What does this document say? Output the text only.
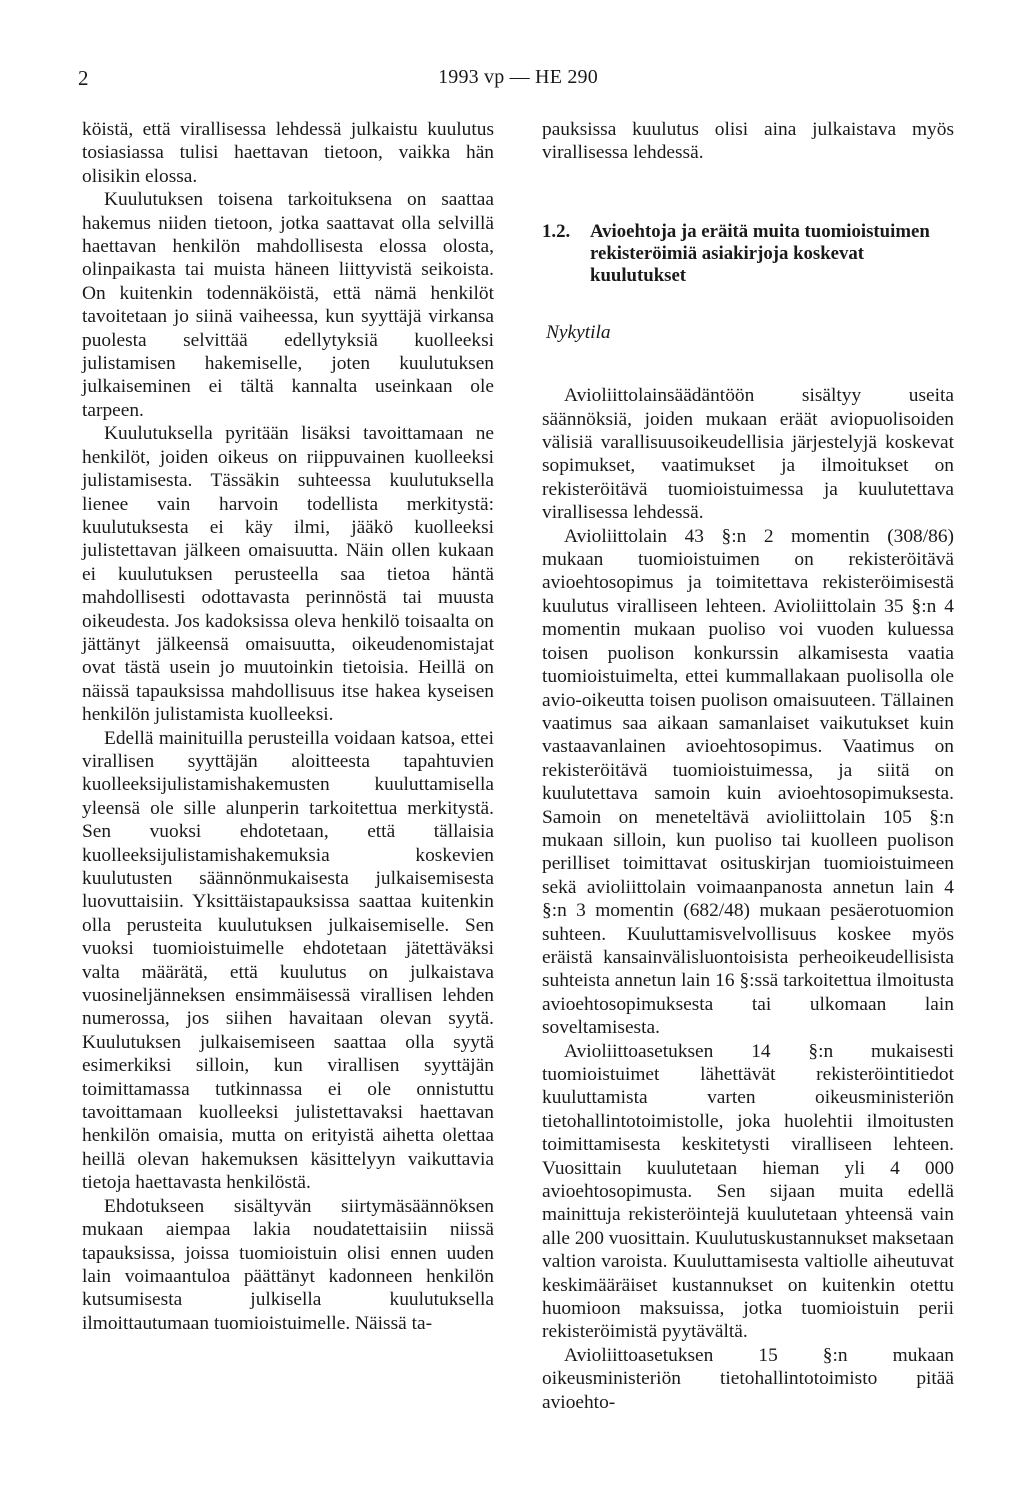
2	1993 vp — HE 290

köistä, että virallisessa lehdessä julkaistu kuulutus tosiasiassa tulisi haettavan tietoon, vaikka hän olisikin elossa.

Kuulutuksen toisena tarkoituksena on saattaa hakemus niiden tietoon, jotka saattavat olla selvillä haettavan henkilön mahdollisesta elossa olosta, olinpaikasta tai muista häneen liittyvistä seikoista. On kuitenkin todennäköistä, että nämä henkilöt tavoitetaan jo siinä vaiheessa, kun syyttäjä virkansa puolesta selvittää edellytyksiä kuolleeksi julistamisen hakemiselle, joten kuulutuksen julkaiseminen ei tältä kannalta useinkaan ole tarpeen.

Kuulutuksella pyritään lisäksi tavoittamaan ne henkilöt, joiden oikeus on riippuvainen kuolleeksi julistamisesta. Tässäkin suhteessa kuulutuksella lienee vain harvoin todellista merkitystä: kuulutuksesta ei käy ilmi, jääkö kuolleeksi julistettavan jälkeen omaisuutta. Näin ollen kukaan ei kuulutuksen perusteella saa tietoa häntä mahdollisesti odottavasta perinnöstä tai muusta oikeudesta. Jos kadoksissa oleva henkilö toisaalta on jättänyt jälkeensä omaisuutta, oikeudenomistajat ovat tästä usein jo muutoinkin tietoisia. Heillä on näissä tapauksissa mahdollisuus itse hakea kyseisen henkilön julistamista kuolleeksi.

Edellä mainituilla perusteilla voidaan katsoa, ettei virallisen syyttäjän aloitteesta tapahtuvien kuolleeksijulistamishakemusten kuuluttamisella yleensä ole sille alunperin tarkoitettua merkitystä. Sen vuoksi ehdotetaan, että tällaisia kuolleeksijulistamishakemuksia koskevien kuulutusten säännönmukaisesta julkaisemisesta luovuttaisiin. Yksittäistapauksissa saattaa kuitenkin olla perusteita kuulutuksen julkaisemiselle. Sen vuoksi tuomioistuimelle ehdotetaan jätettäväksi valta määrätä, että kuulutus on julkaistava vuosineljänneksen ensimmäisessä virallisen lehden numerossa, jos siihen havaitaan olevan syytä. Kuulutuksen julkaisemiseen saattaa olla syytä esimerkiksi silloin, kun virallisen syyttäjän toimittamassa tutkinnassa ei ole onnistuttu tavoittamaan kuolleeksi julistettavaksi haettavan henkilön omaisia, mutta on erityistä aihetta olettaa heillä olevan hakemuksen käsittelyyn vaikuttavia tietoja haettavasta henkilöstä.

Ehdotukseen sisältyvän siirtymäsäännöksen mukaan aiempaa lakia noudatettaisiin niissä tapauksissa, joissa tuomioistuin olisi ennen uuden lain voimaantuloa päättänyt kadonneen henkilön kutsumisesta julkisella kuulutuksella ilmoittautumaan tuomioistuimelle. Näissä ta-

pauksissa kuulutus olisi aina julkaistava myös virallisessa lehdessä.

1.2.	Avioehtoja ja eräitä muita tuomioistuimen rekisteröimiä asiakirjoja koskevat kuulutukset
Nykytila

Avioliittolainsäädäntöön sisältyy useita säännöksiä, joiden mukaan eräät aviopuolisoiden välisiä varallisuusoikeudellisia järjestelyjä koskevat sopimukset, vaatimukset ja ilmoitukset on rekisteröitävä tuomioistuimessa ja kuulutettava virallisessa lehdessä.

Avioliittolain 43 §:n 2 momentin (308/86) mukaan tuomioistuimen on rekisteröitävä avioehtosopimus ja toimitettava rekisteröimisestä kuulutus viralliseen lehteen. Avioliittolain 35 §:n 4 momentin mukaan puoliso voi vuoden kuluessa toisen puolison konkurssin alkamisesta vaatia tuomioistuimelta, ettei kummallakaan puolisolla ole avio-oikeutta toisen puolison omaisuuteen. Tällainen vaatimus saa aikaan samanlaiset vaikutukset kuin vastaavanlainen avioehtosopimus. Vaatimus on rekisteröitävä tuomioistuimessa, ja siitä on kuulutettava samoin kuin avioehtosopimuksesta. Samoin on meneteltävä avioliittolain 105 §:n mukaan silloin, kun puoliso tai kuolleen puolison perilliset toimittavat osituskirjan tuomioistuimeen sekä avioliittolain voimaanpanosta annetun lain 4 §:n 3 momentin (682/48) mukaan pesäerotuomion suhteen. Kuuluttamisvelvollisuus koskee myös eräistä kansainvälisluontoisista perheoikeudellisista suhteista annetun lain 16 §:ssä tarkoitettua ilmoitusta avioehtosopimuksesta tai ulkomaan lain soveltamisesta.

Avioliittoasetuksen 14 §:n mukaisesti tuomioistuimet lähettävät rekisteröintitiedot kuuluttamista varten oikeusministeriön tietohallintotoimistolle, joka huolehtii ilmoitusten toimittamisesta keskitetysti viralliseen lehteen. Vuosittain kuulutetaan hieman yli 4 000 avioehtosopimusta. Sen sijaan muita edellä mainittuja rekisteröintejä kuulutetaan yhteensä vain alle 200 vuosittain. Kuulutuskustannukset maksetaan valtion varoista. Kuuluttamisesta valtiolle aiheutuvat keskimääräiset kustannukset on kuitenkin otettu huomioon maksuissa, jotka tuomioistuin perii rekisteröimistä pyytävältä.

Avioliittoasetuksen 15 §:n mukaan oikeusministeriön tietohallintotoimisto pitää avioehto-
